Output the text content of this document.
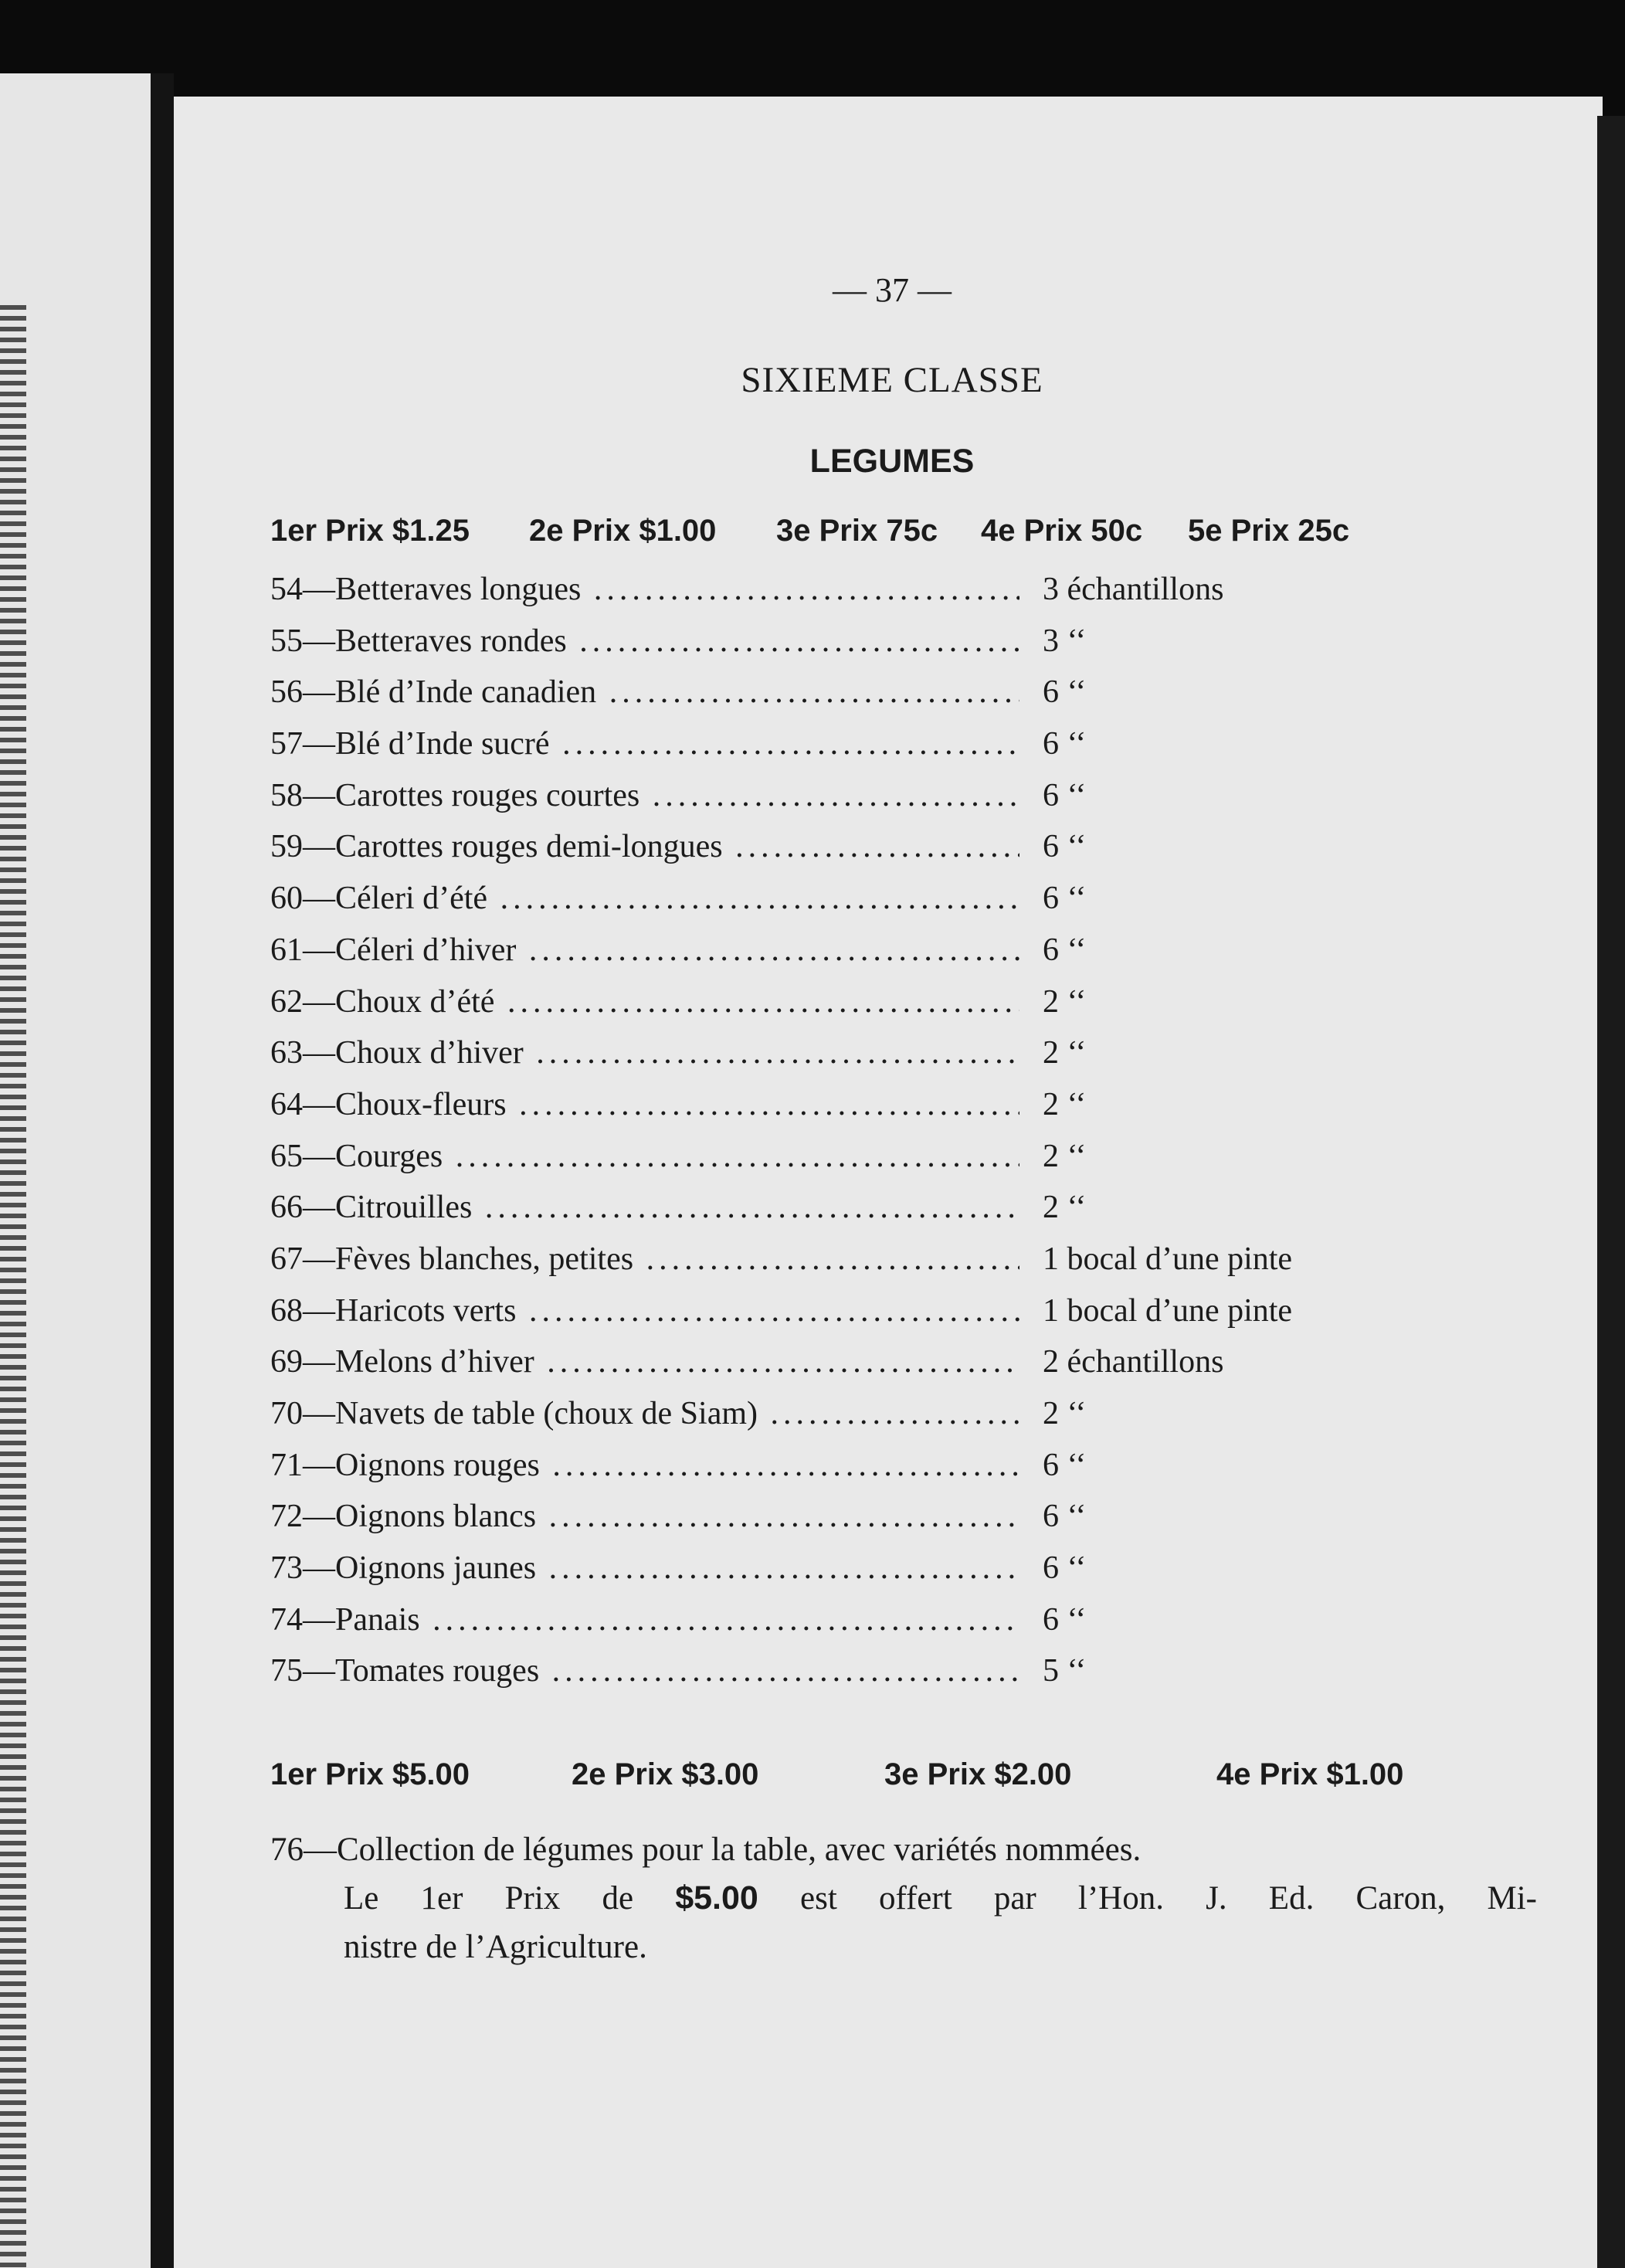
— 37 —
SIXIEME CLASSE
LEGUMES
1er Prix $1.25 2e Prix $1.00 3e Prix 75c 4e Prix 50c 5e Prix 25c
54—Betteraves longues .....	3 échantillons
55—Betteraves rondes .....	3 ‘‘
56—Blé d’Inde canadien .....	6 ‘‘
57—Blé d’Inde sucré .....	6 ‘‘
58—Carottes rouges courtes .....	6 ‘‘
59—Carottes rouges demi-longues .....	6 ‘‘
60—Céleri d’été .....	6 ‘‘
61—Céleri d’hiver .....	6 ‘‘
62—Choux d’été .....	2 ‘‘
63—Choux d’hiver .....	2 ‘‘
64—Choux-fleurs .....	2 ‘‘
65—Courges .....	2 ‘‘
66—Citrouilles .....	2 ‘‘
67—Fèves blanches, petites .....	1 bocal d’une pinte
68—Haricots verts .....	1 bocal d’une pinte
69—Melons d’hiver .....	2 échantillons
70—Navets de table (choux de Siam) .....	2 ‘‘
71—Oignons rouges .....	6 ‘‘
72—Oignons blancs .....	6 ‘‘
73—Oignons jaunes .....	6 ‘‘
74—Panais .....	6 ‘‘
75—Tomates rouges .....	5 ‘‘
1er Prix $5.00	2e Prix $3.00	3e Prix $2.00	4e Prix $1.00
76—Collection de légumes pour la table, avec variétés nommées.
Le 1er Prix de $5.00 est offert par l’Hon. J. Ed. Caron, Mi-
nistre de l’Agriculture.
